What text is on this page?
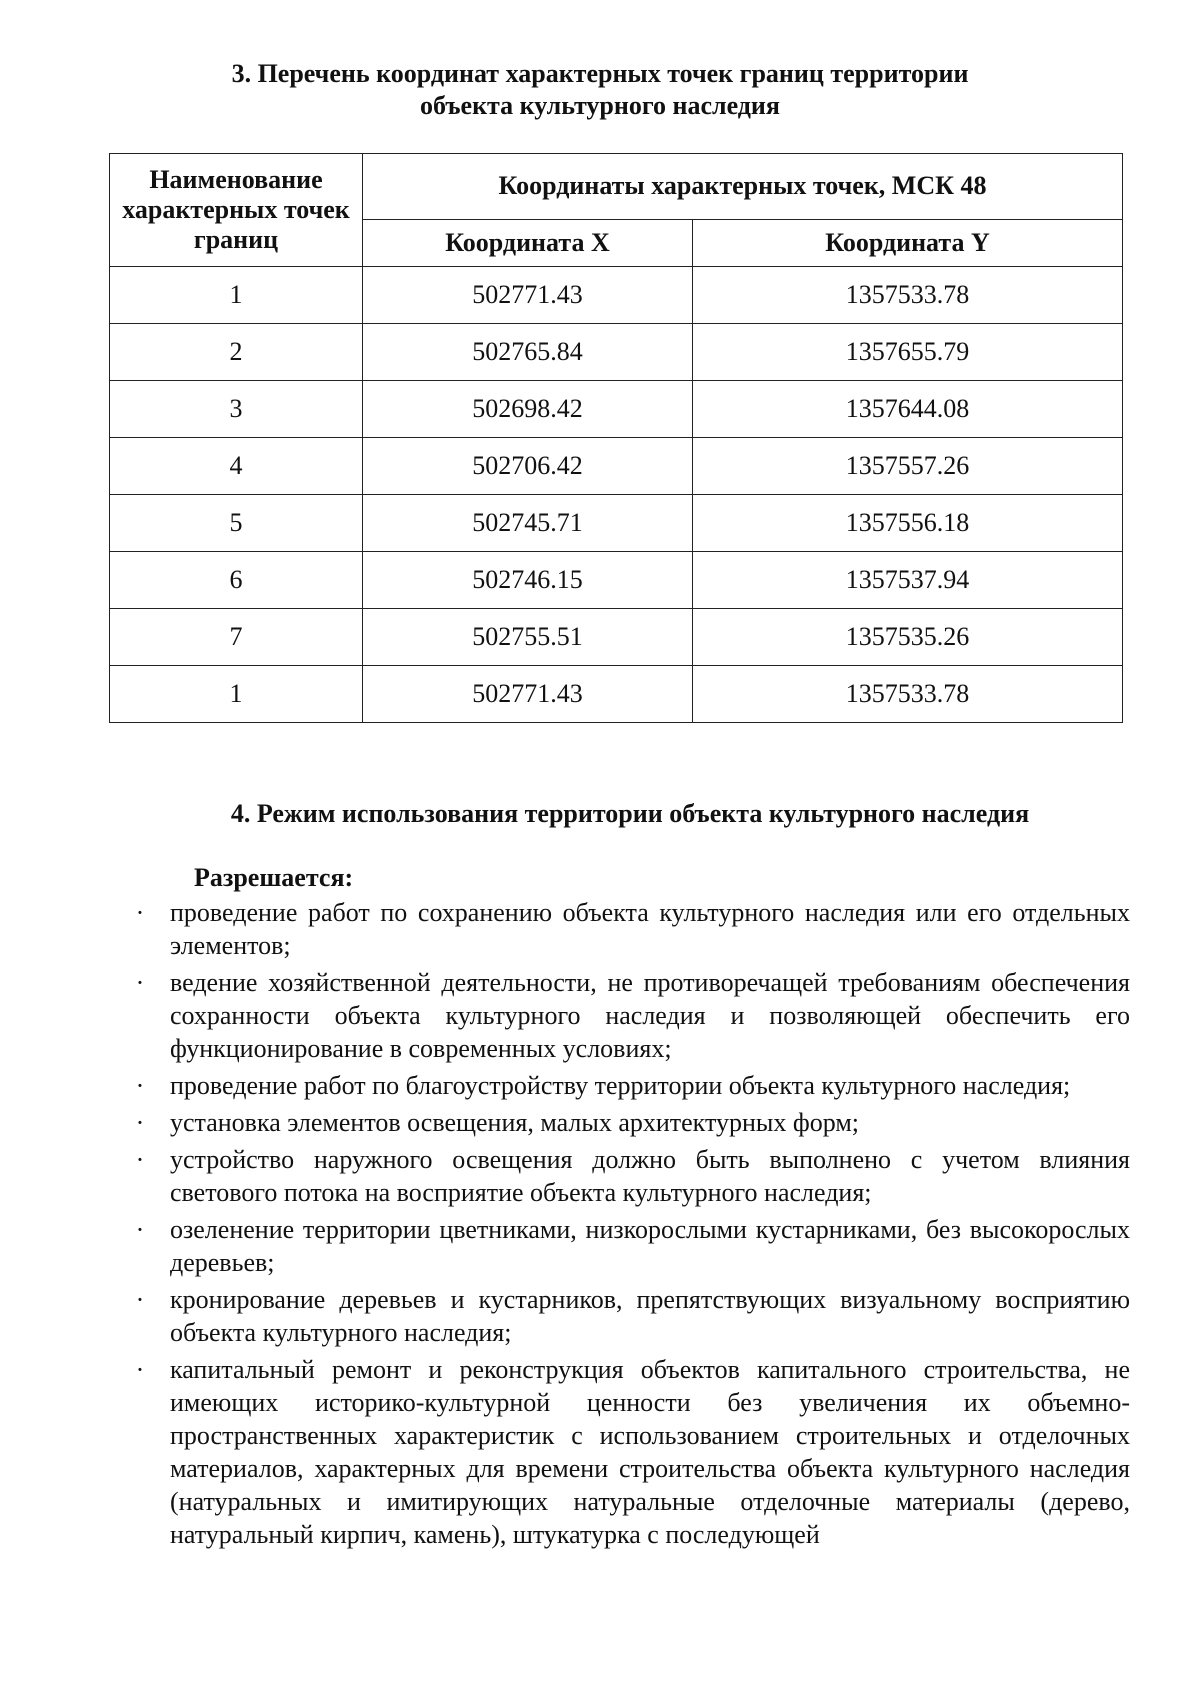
3. Перечень координат характерных точек границ территории
объекта культурного наследия
Наименование характерных точек границ	Координаты характерных точек, МСК 48	
	Координата X	Координата Y
1	502771.43	1357533.78
2	502765.84	1357655.79
3	502698.42	1357644.08
4	502706.42	1357557.26
5	502745.71	1357556.18
6	502746.15	1357537.94
7	502755.51	1357535.26
1	502771.43	1357533.78
4. Режим использования территории объекта культурного наследия
Разрешается:
· проведение работ по сохранению объекта культурного наследия или его отдельных элементов;
· ведение хозяйственной деятельности, не противоречащей требованиям обеспечения сохранности объекта культурного наследия и позволяющей обеспечить его функционирование в современных условиях;
· проведение работ по благоустройству территории объекта культурного наследия;
· установка элементов освещения, малых архитектурных форм;
· устройство наружного освещения должно быть выполнено с учетом влияния светового потока на восприятие объекта культурного наследия;
· озеленение территории цветниками, низкорослыми кустарниками, без высокорослых деревьев;
· кронирование деревьев и кустарников, препятствующих визуальному восприятию объекта культурного наследия;
· капитальный ремонт и реконструкция объектов капитального строительства, не имеющих историко-культурной ценности без увеличения их объемно-пространственных характеристик с использованием строительных и отделочных материалов, характерных для времени строительства объекта культурного наследия (натуральных и имитирующих натуральные отделочные материалы (дерево, натуральный кирпич, камень), штукатурка с последующей
